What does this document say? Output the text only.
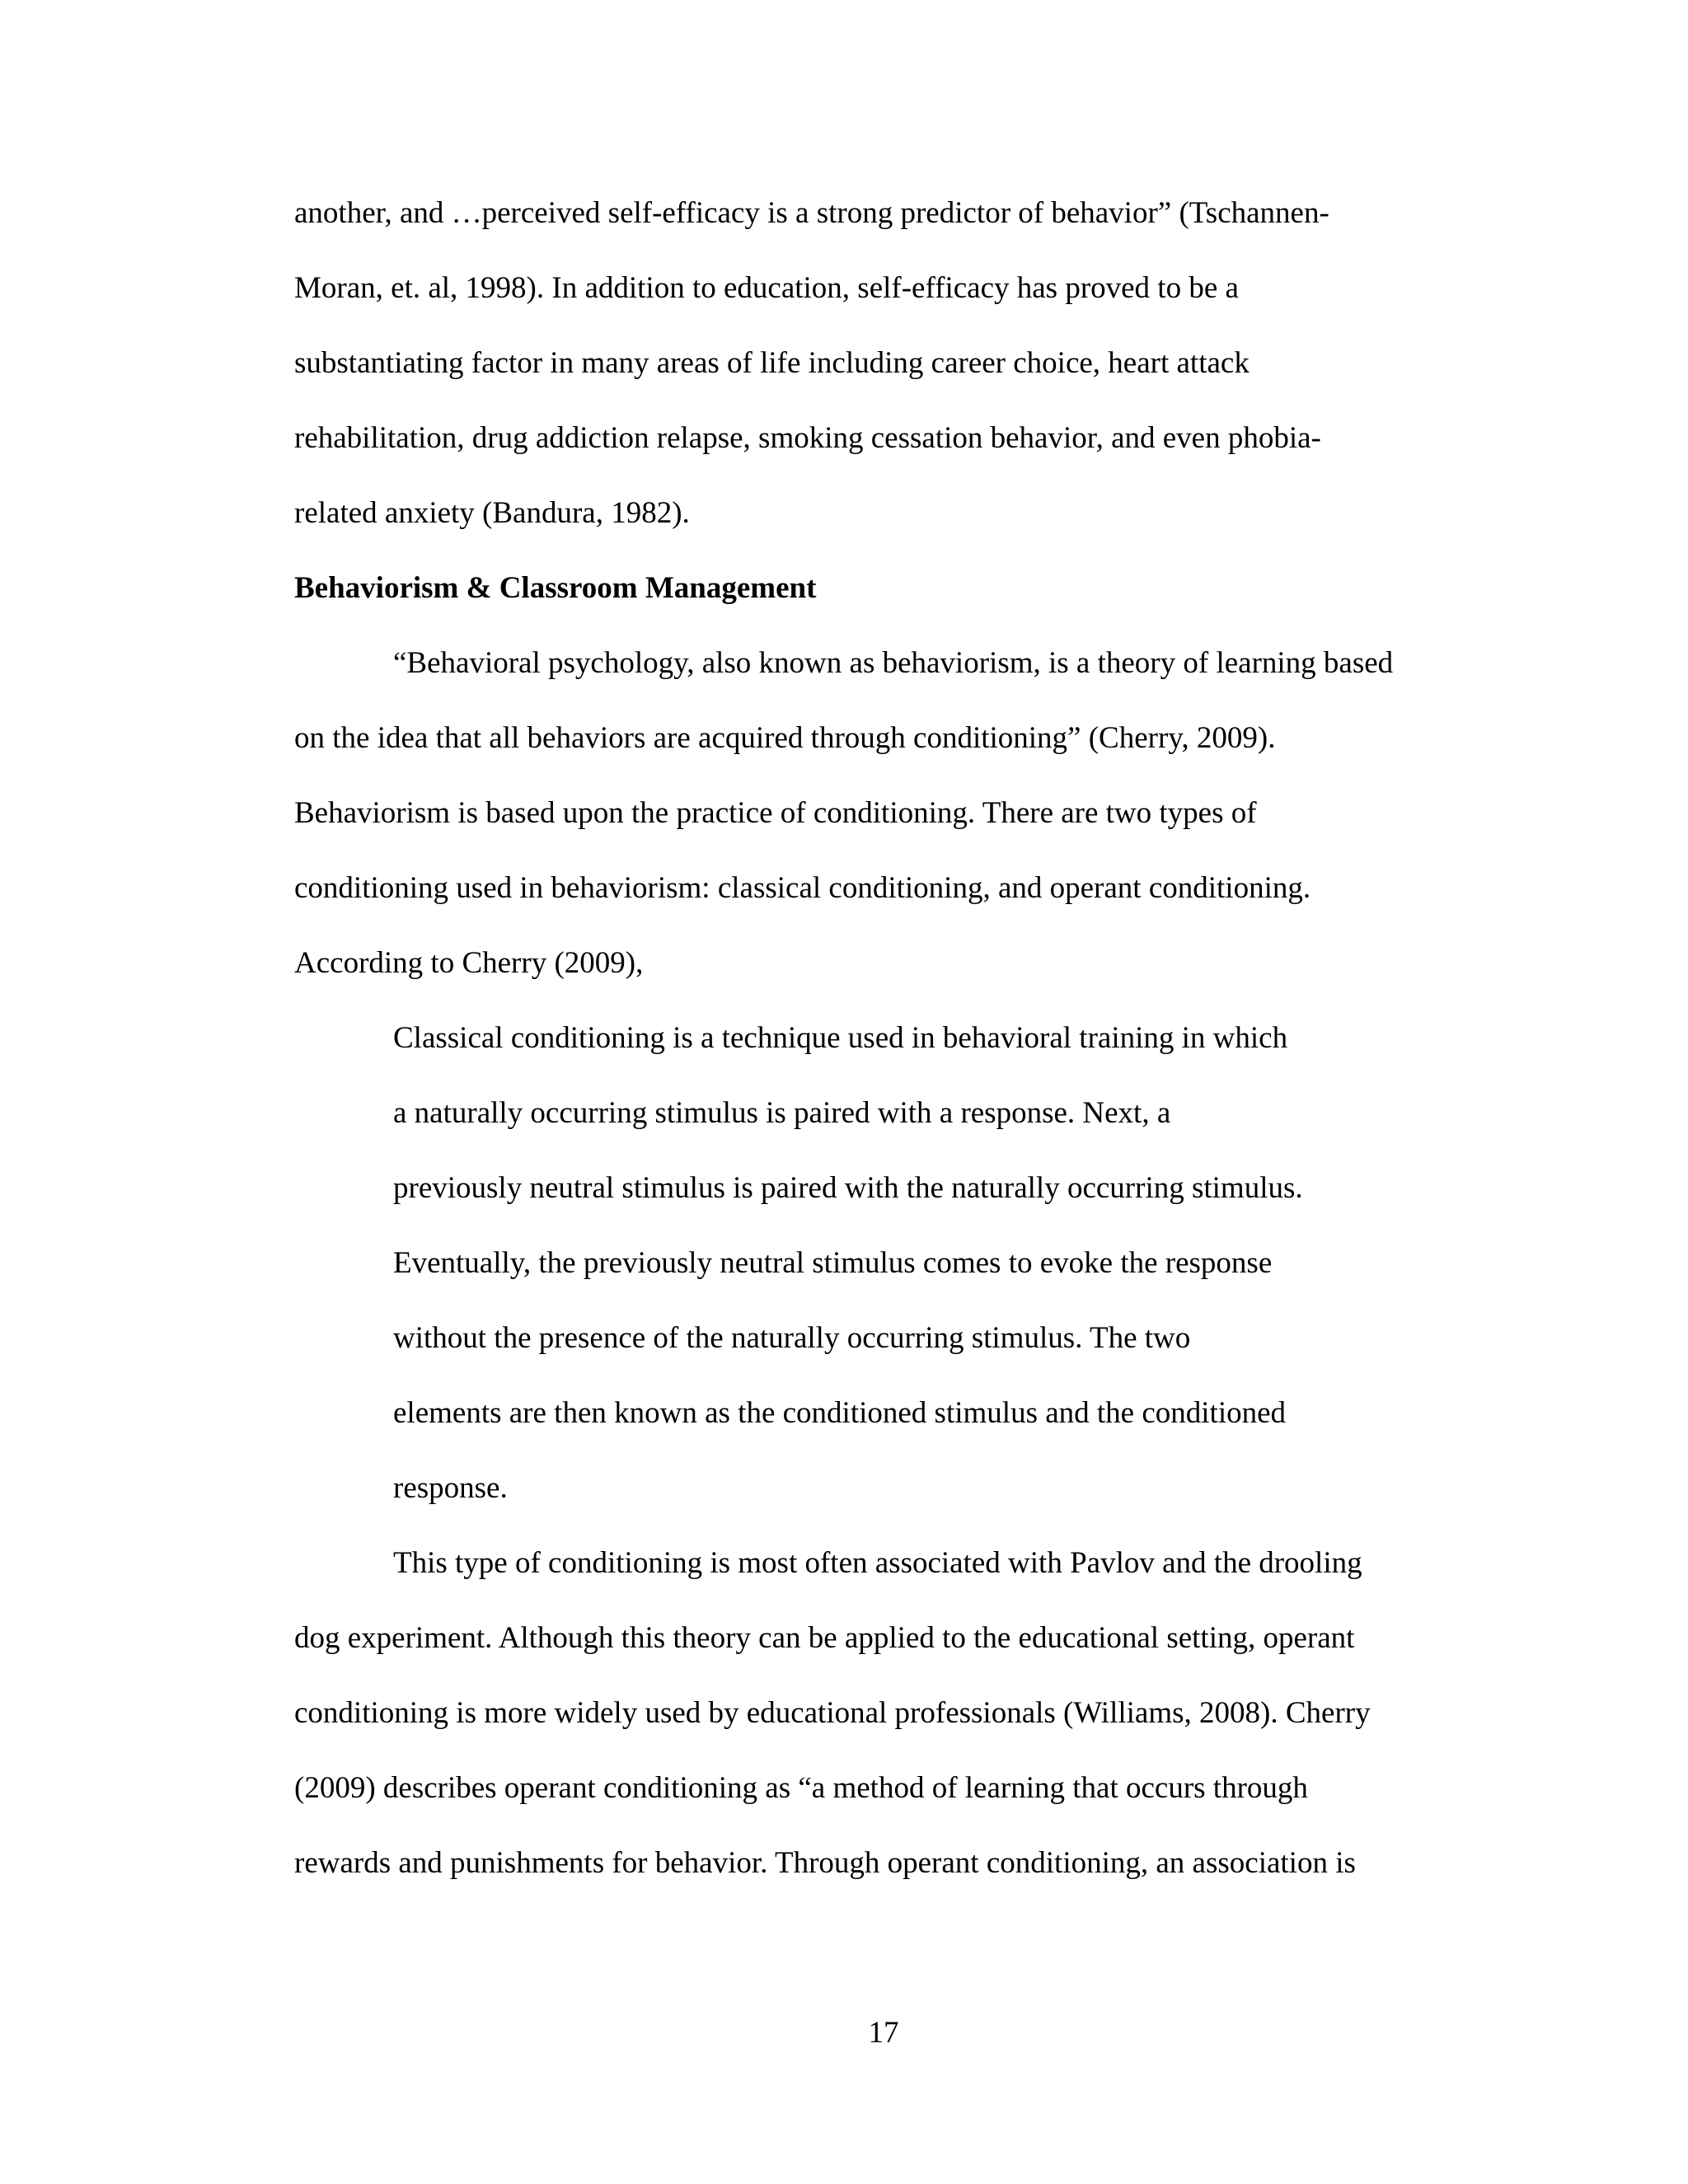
another, and …perceived self-efficacy is a strong predictor of behavior” (Tschannen-
Moran, et. al, 1998). In addition to education, self-efficacy has proved to be a
substantiating factor in many areas of life including career choice, heart attack
rehabilitation, drug addiction relapse, smoking cessation behavior, and even phobia-
related anxiety (Bandura, 1982).
Behaviorism & Classroom Management
“Behavioral psychology, also known as behaviorism, is a theory of learning based
on the idea that all behaviors are acquired through conditioning” (Cherry, 2009).
Behaviorism is based upon the practice of conditioning. There are two types of
conditioning used in behaviorism: classical conditioning, and operant conditioning.
According to Cherry (2009),
Classical conditioning is a technique used in behavioral training in which
a naturally occurring stimulus is paired with a response. Next, a
previously neutral stimulus is paired with the naturally occurring stimulus.
Eventually, the previously neutral stimulus comes to evoke the response
without the presence of the naturally occurring stimulus. The two
elements are then known as the conditioned stimulus and the conditioned
response.
This type of conditioning is most often associated with Pavlov and the drooling
dog experiment. Although this theory can be applied to the educational setting, operant
conditioning is more widely used by educational professionals (Williams, 2008). Cherry
(2009) describes operant conditioning as “a method of learning that occurs through
rewards and punishments for behavior. Through operant conditioning, an association is
17
